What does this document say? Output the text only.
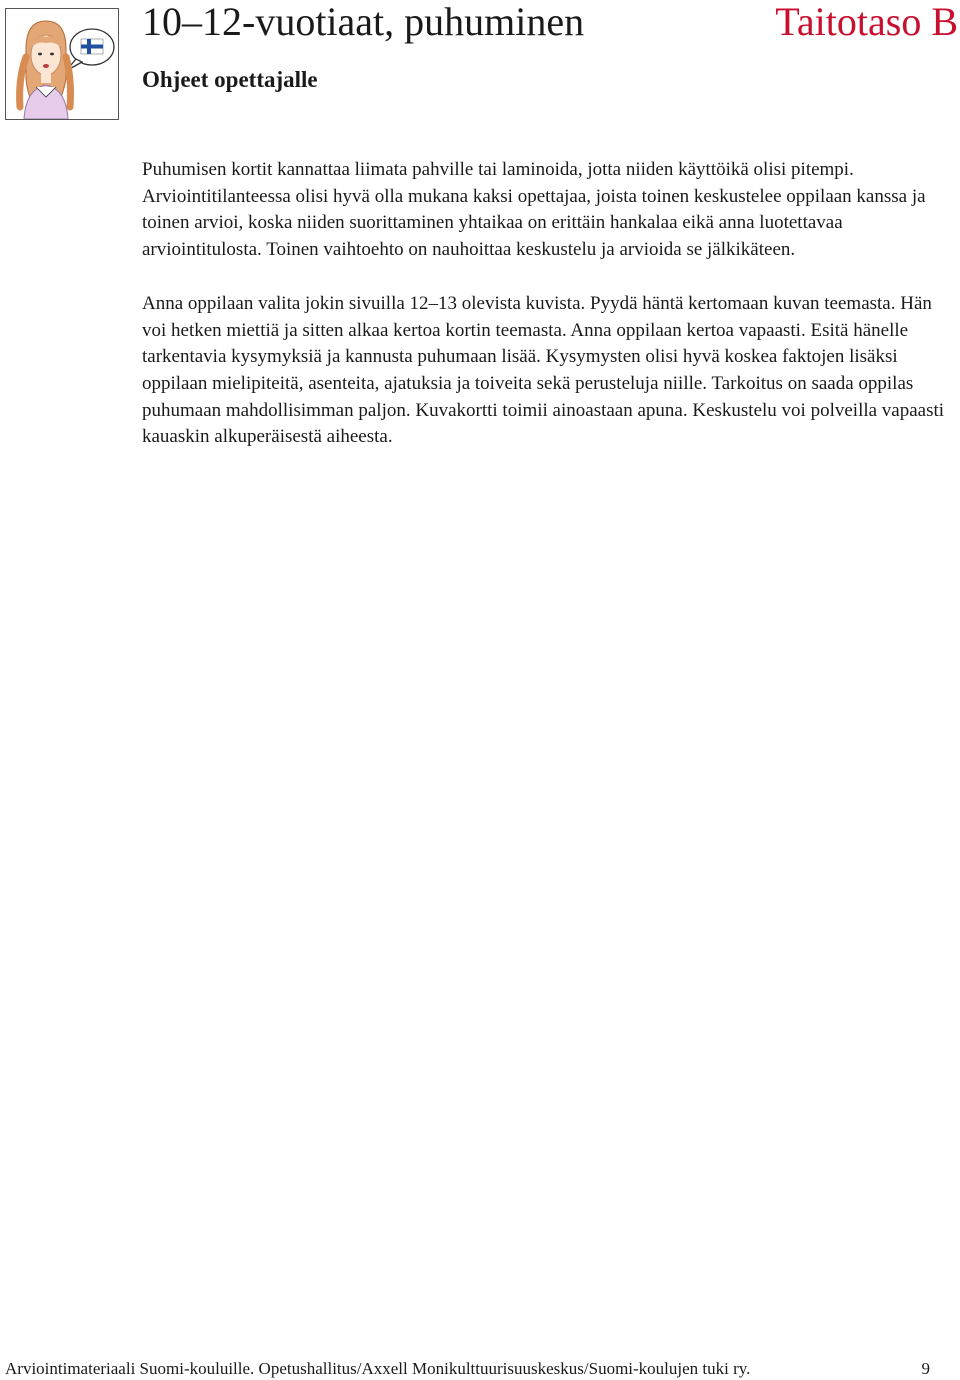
10–12-vuotiaat, puhuminen	Taitotaso B
Ohjeet opettajalle

Puhumisen kortit kannattaa liimata pahville tai laminoida, jotta niiden käyttöikä olisi pitempi. Arviointitilanteessa olisi hyvä olla mukana kaksi opettajaa, joista toinen keskustelee oppilaan kanssa ja toinen arvioi, koska niiden suorittaminen yhtaikaa on erittäin hankalaa eikä anna luotettavaa arviointitulosta. Toinen vaihtoehto on nauhoittaa keskustelu ja arvioida se jälkikäteen.

Anna oppilaan valita jokin sivuilla 12–13 olevista kuvista. Pyydä häntä kertomaan kuvan teemasta. Hän voi hetken miettiä ja sitten alkaa kertoa kortin teemasta. Anna oppilaan kertoa vapaasti. Esitä hänelle tarkentavia kysymyksiä ja kannusta puhumaan lisää. Kysymysten olisi hyvä koskea faktojen lisäksi oppilaan mielipiteitä, asenteita, ajatuksia ja toiveita sekä perusteluja niille. Tarkoitus on saada oppilas puhumaan mahdollisimman paljon. Kuvakortti toimii ainoastaan apuna. Keskustelu voi polveilla vapaasti kauaskin alkuperäisestä aiheesta.

Arviointimateriaali Suomi-kouluille. Opetushallitus/Axxell Monikulttuurisuuskeskus/Suomi-koulujen tuki ry.	9
